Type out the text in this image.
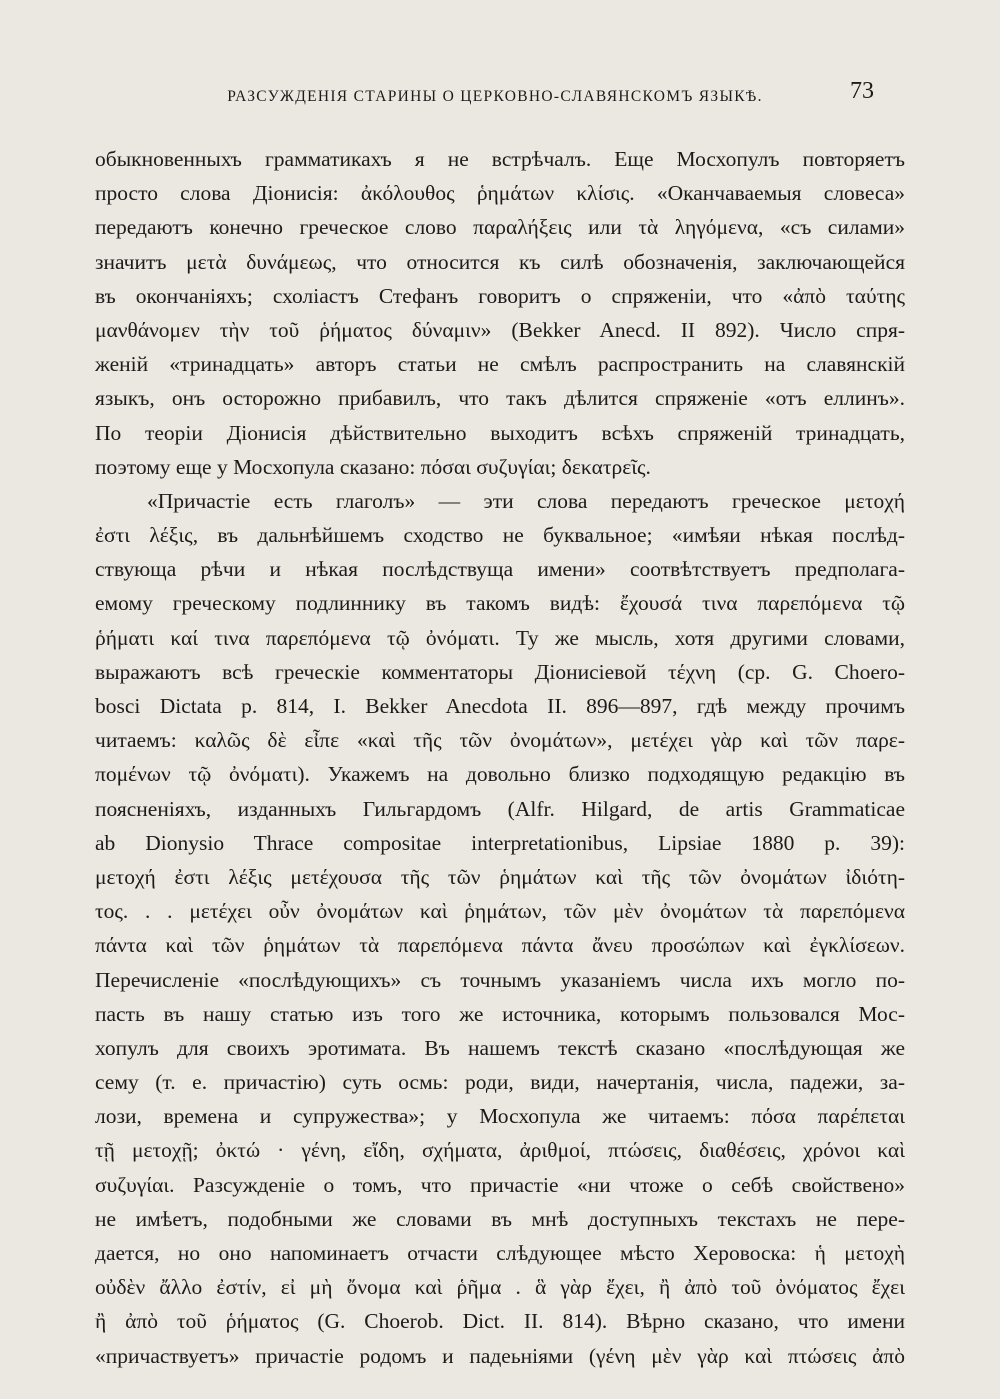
РАЗСУЖДЕНІЯ СТАРИНЫ О ЦЕРКОВНО-СЛАВЯНСКОМЪ ЯЗЫКѢ.	73
обыкновенныхъ грамматикахъ я не встрѣчалъ. Еще Мосхопулъ повторяетъ
просто слова Діонисія: ἀκόλουθος ῥημάτων κλίσις. «Оканчаваемыя словеса»
передаютъ конечно греческое слово παραλήξεις или τὰ ληγόμενα, «съ силами»
значитъ μετὰ δυνάμεως, что относится къ силѣ обозначенія, заключающейся
въ окончаніяхъ; схоліастъ Стефанъ говоритъ о спряженіи, что «ἀπὸ ταύτης
μανθάνομεν τὴν τοῦ ῥήματος δύναμιν» (Bekker Anecd. II 892). Число спря-
женій «тринадцать» авторъ статьи не смѣлъ распространить на славянскій
языкъ, онъ осторожно прибавилъ, что такъ дѣлится спряженіе «отъ еллинъ».
По теоріи Діонисія дѣйствительно выходитъ всѣхъ спряженій тринадцать,
поэтому еще у Мосхопула сказано: πόσαι συζυγίαι; δεκατρεῖς.
«Причастіе есть глаголъ» — эти слова передаютъ греческое μετοχή
ἐστι λέξις, въ дальнѣйшемъ сходство не буквальное; «имѣяи нѣкая послѣд-
ствующа рѣчи и нѣкая послѣдствуща имени» соотвѣтствуетъ предполага-
емому греческому подлиннику въ такомъ видѣ: ἔχουσά τινα παρεπόμενα τῷ
ῥήματι καί τινα παρεπόμενα τῷ ὀνόματι. Ту же мысль, хотя другими словами,
выражаютъ всѣ греческіе комментаторы Діонисіевой τέχνη (ср. G. Choero-
bosci Dictata p. 814, I. Bekker Anecdota II. 896—897, гдѣ между прочимъ
читаемъ: καλῶς δὲ εἶπε «καὶ τῆς τῶν ὀνομάτων», μετέχει γὰρ καὶ τῶν παρε-
πομένων τῷ ὀνόματι). Укажемъ на довольно близко подходящую редакцію въ
поясненіяхъ, изданныхъ Гильгардомъ (Alfr. Hilgard, de artis Grammaticae
ab Dionysio Thrace compositae interpretationibus, Lipsiae 1880 p. 39):
μετοχή ἐστι λέξις μετέχουσα τῆς τῶν ῥημάτων καὶ τῆς τῶν ὀνομάτων ἰδιότη-
τος. . . μετέχει οὖν ὀνομάτων καὶ ῥημάτων, τῶν μὲν ὀνομάτων τὰ παρεπόμενα
πάντα καὶ τῶν ῥημάτων τὰ παρεπόμενα πάντα ἄνευ προσώπων καὶ ἐγκλίσεων.
Перечисленіе «послѣдующихъ» съ точнымъ указаніемъ числа ихъ могло по-
пасть въ нашу статью изъ того же источника, которымъ пользовался Мос-
хопулъ для своихъ эротимата. Въ нашемъ текстѣ сказано «послѣдующая же
сему (т. е. причастію) суть осмь: роди, види, начертанія, числа, падежи, за-
лози, времена и супружества»; у Мосхопула же читаемъ: πόσα παρέπεται
τῇ μετοχῇ; ὀκτώ · γένη, εἴδη, σχήματα, ἀριθμοί, πτώσεις, διαθέσεις, χρόνοι καὶ
συζυγίαι. Разсужденіе о томъ, что причастіе «ни чтоже о себѣ свойствено»
не имѣетъ, подобными же словами въ мнѣ доступныхъ текстахъ не пере-
дается, но оно напоминаетъ отчасти слѣдующее мѣсто Херовоска: ἡ μετοχὴ
οὐδὲν ἄλλο ἐστίν, εἰ μὴ ὄνομα καὶ ῥῆμα . ἃ γὰρ ἔχει, ἢ ἀπὸ τοῦ ὀνόματος ἔχει
ἢ ἀπὸ τοῦ ῥήματος (G. Choerob. Dict. II. 814). Вѣрно сказано, что имени
«причаствуетъ» причастіе родомъ и падеьніями (γένη μὲν γὰρ καὶ πτώσεις ἀπὸ
